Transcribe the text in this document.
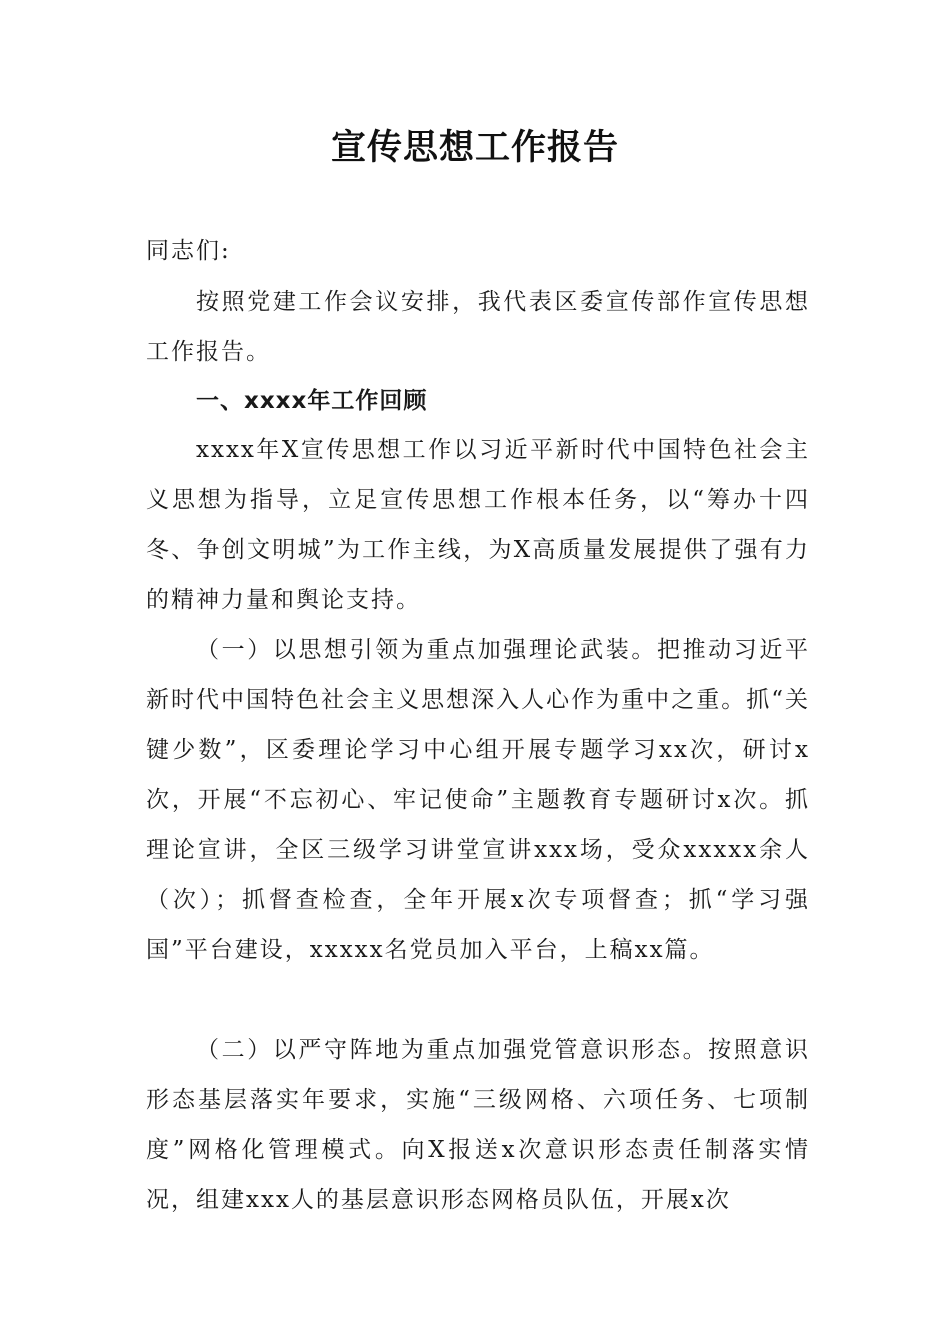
宣传思想工作报告

同志们:

按照党建工作会议安排，我代表区委宣传部作宣传思想工作报告。

一、xxxx年工作回顾

xxxx年X宣传思想工作以习近平新时代中国特色社会主义思想为指导，立足宣传思想工作根本任务，以“筹办十四冬、争创文明城”为工作主线，为X高质量发展提供了强有力的精神力量和舆论支持。

（一）以思想引领为重点加强理论武装。把推动习近平新时代中国特色社会主义思想深入人心作为重中之重。抓“关键少数”，区委理论学习中心组开展专题学习xx次，研讨x次，开展“不忘初心、牢记使命”主题教育专题研讨x次。抓理论宣讲，全区三级学习讲堂宣讲xxx场，受众xxxxx余人（次）；抓督查检查，全年开展x次专项督查；抓“学习强国”平台建设，xxxxx名党员加入平台，上稿xx篇。

（二）以严守阵地为重点加强党管意识形态。按照意识形态基层落实年要求，实施“三级网格、六项任务、七项制度”网格化管理模式。向X报送x次意识形态责任制落实情况，组建xxx人的基层意识形态网格员队伍，开展x次
